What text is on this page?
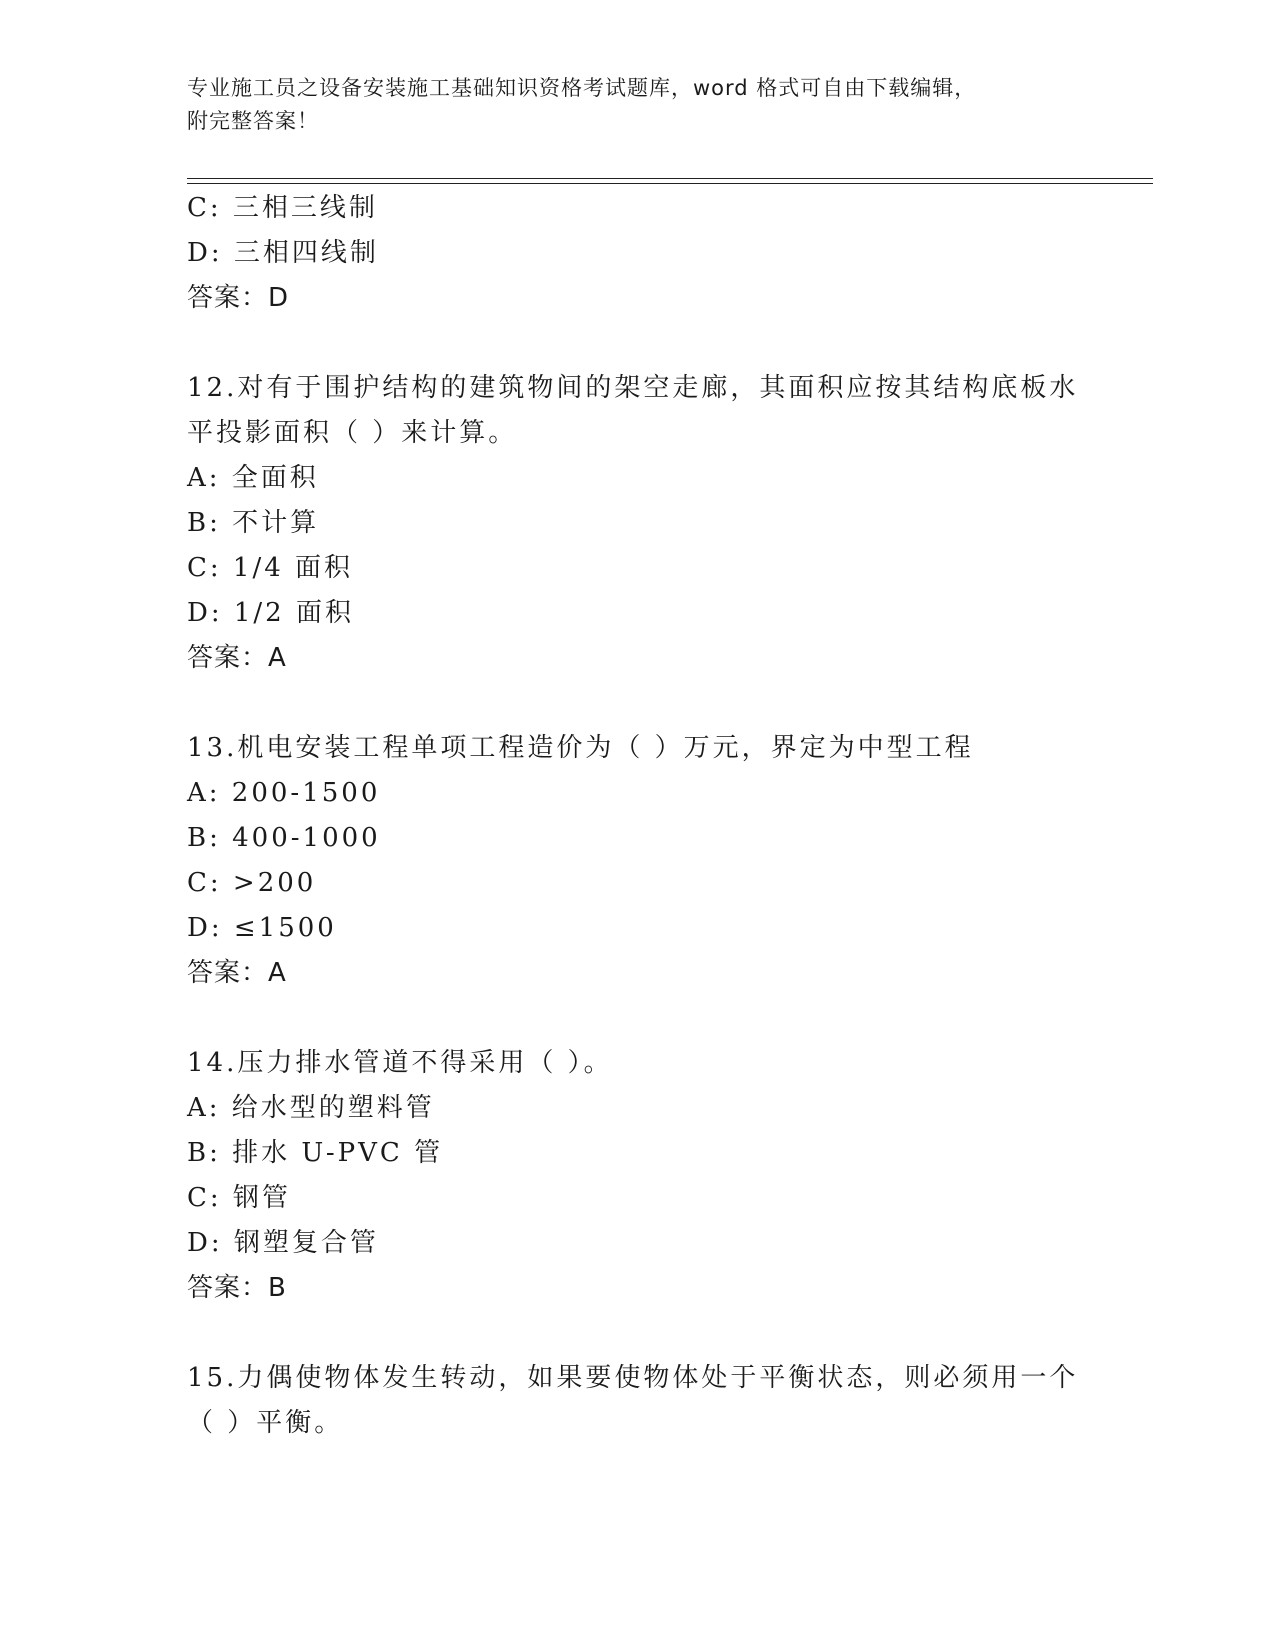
专业施工员之设备安装施工基础知识资格考试题库，word 格式可自由下载编辑，
附完整答案！
C: 三相三线制
D: 三相四线制
答案：D
12.对有于围护结构的建筑物间的架空走廊，其面积应按其结构底板水
平投影面积（ ）来计算。
A: 全面积
B: 不计算
C: 1/4 面积
D: 1/2 面积
答案：A
13.机电安装工程单项工程造价为（ ）万元，界定为中型工程
A: 200-1500
B: 400-1000
C: >200
D: ≤1500
答案：A
14.压力排水管道不得采用（ ）。
A: 给水型的塑料管
B: 排水 U-PVC 管
C: 钢管
D: 钢塑复合管
答案：B
15.力偶使物体发生转动，如果要使物体处于平衡状态，则必须用一个
（ ）平衡。
